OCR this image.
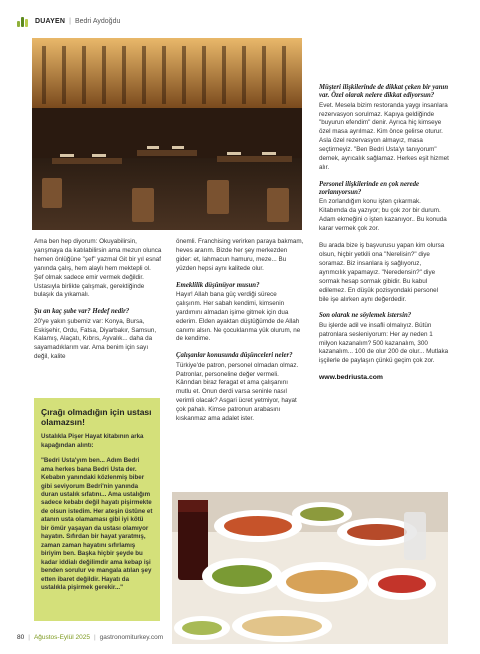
DUAYEN | Bedri Aydoğdu

Ama ben hep diyorum: Okuyabilirsin, yarışmaya da katılabilirsin ama mezun olunca hemen önlüğüne "şef" yazmal Git bir yıl esnaf yanında çalış, hem alaylı hem mektepli ol. Şef olmak sadece emir vermek değildir. Ustasıyla birlikte çalışmak, gerektiğinde bulaşık da yıkamalı.

Şu an kaç şube var? Hedef nedir?

20'ye yakın şubemiz var: Konya, Bursa, Eskişehir, Ordu, Fatsa, Diyarbakır, Samsun, Kalamış, Alaçatı, Kıbrıs, Ayvalık... daha da sayamadıklarım var. Ama benim için sayı değil, kalite

önemli. Franchising verirken paraya bakmam, heves ararım. Bizde her şey merkezden gider: et, lahmacun hamuru, meze... Bu yüzden hepsi aynı kalitede olur.

Emeklilik düşünüyor musun?

Hayır! Allah bana güç verdiği sürece çalışırım. Her sabah kendimi, kimsenin yardımını almadan işime gitmek için dua ederim. Elden ayaktan düştüğümde de Allah canımı alsın. Ne çocuklarıma yük olurum, ne de kendime.

Çalışanlar konusunda düşünceleri neler?

Türkiye'de patron, personel olmadan olmaz. Patronlar, personeline değer vermeli. Kârından biraz feragat et ama çalışanını mutlu et. Onun derdi varsa seninle nasıl verimli olacak? Asgari ücret yetmiyor, hayat çok pahalı. Kimse patronun arabasını kıskanmaz ama adalet ister.

Müşteri ilişkilerinde de dikkat çeken bir yanın var. Özel olarak nelere dikkat ediyorsun?

Evet. Mesela bizim restoranda yaygı insanlara rezervasyon sorulmaz. Kapıya geldiğinde "buyurun efendim" denir. Ayrıca hiç kimseye özel masa ayrılmaz. Kim önce gelirse oturur. Asla özel rezervasyon almayız, masa seçtirmeyiz. "Ben Bedri Usta'yı tanıyorum" demek, ayrıcalık sağlamaz. Herkes eşit hizmet alır.

Personel ilişkilerinde en çok nerede zorlanıyorsun?

En zorlandığım konu işten çıkarmak. Kitabımda da yazıyor; bu çok zor bir durum. Adam ekmeğini o işten kazanıyor.. Bu konuda karar vermek çok zor.

Bu arada bize iş başvurusu yapan kim olursa olsun, hiçbir yetkili ona "Nerelisin?" diye soramaz. Biz insanlara iş sağlıyoruz, ayrımcılık yapamayız. "Neredensin?" diye sormak hesap sormak gibidir. Bu kabul edilemez. En düşük pozisyondaki personel bile işe alırken aynı değerdedir.

Son olarak ne söylemek istersin?

Bu işlerde adil ve insafli olmalıyız. Bütün patronlara sesleniyorum: Her ay neden 1 milyon kazanalım? 500 kazanalım, 300 kazanalım... 100 de olur 200 de olur... Mutlaka işçilerle de paylaşın çünkü geçim çok zor.

www.bedriusta.com
Çırağı olmadığın için ustası olamazsın!
Ustalıkla Pişer Hayat kitabının arka kapağından alıntı:
"Bedri Usta'yım ben... Adım Bedri ama herkes bana Bedri Usta der. Kebabın yanındaki közlenmiş biber gibi seviyorum Bedri'nin yanında duran ustalık sıfatını... Ama ustalığım sadece kebabı değil hayatı pişirmekte de olsun istedim. Her ateşin üstüne et atanın usta olamaması gibi iyi kötü bir ömür yaşayan da ustası olamıyor hayatın. Sıfırdan bir hayat yaratmış, zaman zaman hayatını sıfırlamış biriyim ben. Başka hiçbir şeyde bu kadar iddialı değilimdir ama kebap işi benden sorulur ve mangala atılan şey etten ibaret değildir. Hayatı da ustalıkla pişirmek gerekir..."
80 | Ağustos-Eylül 2025 | gastronomiturkey.com
